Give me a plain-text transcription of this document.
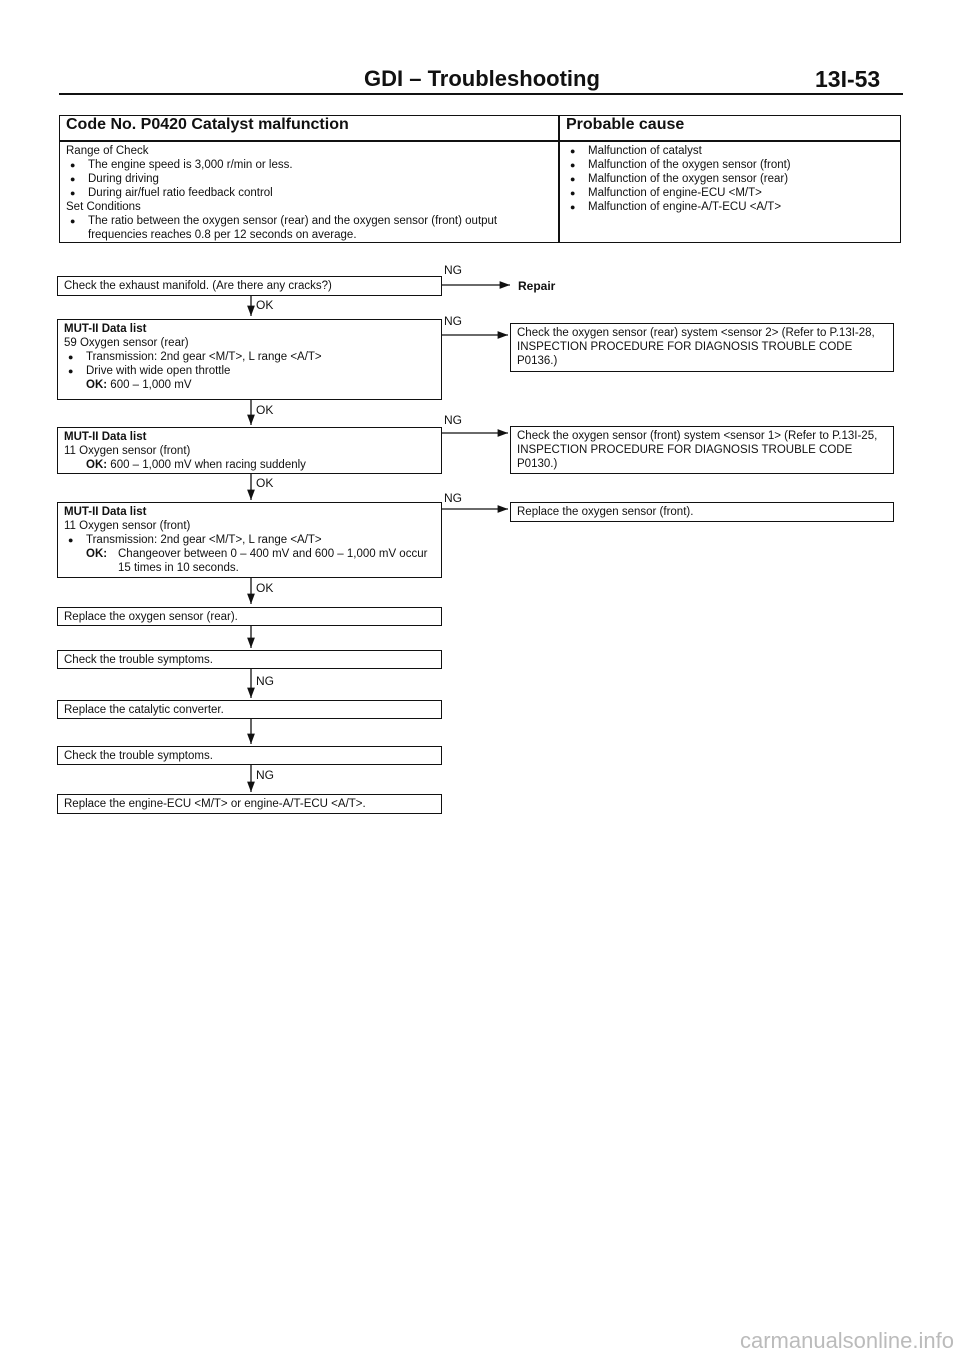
GDI – Troubleshooting	13I-53
Code No. P0420 Catalyst malfunction	Probable cause
Range of Check
● The engine speed is 3,000 r/min or less.
● During driving
● During air/fuel ratio feedback control
Set Conditions
● The ratio between the oxygen sensor (rear) and the oxygen sensor (front) output frequencies reaches 0.8 per 12 seconds on average.
● Malfunction of catalyst
● Malfunction of the oxygen sensor (front)
● Malfunction of the oxygen sensor (rear)
● Malfunction of engine-ECU <M/T>
● Malfunction of engine-A/T-ECU <A/T>
Check the exhaust manifold. (Are there any cracks?)
MUT-II Data list
59 Oxygen sensor (rear)
● Transmission: 2nd gear <M/T>, L range <A/T>
● Drive with wide open throttle
OK: 600 – 1,000 mV
MUT-II Data list
11 Oxygen sensor (front)
OK: 600 – 1,000 mV when racing suddenly
MUT-II Data list
11 Oxygen sensor (front)
● Transmission: 2nd gear <M/T>, L range <A/T>
OK: Changeover between 0 – 400 mV and 600 – 1,000 mV occur 15 times in 10 seconds.
Replace the oxygen sensor (rear).
Check the trouble symptoms.
Replace the catalytic converter.
Check the trouble symptoms.
Replace the engine-ECU <M/T> or engine-A/T-ECU <A/T>.
Repair
Check the oxygen sensor (rear) system <sensor 2> (Refer to P.13I-28, INSPECTION PROCEDURE FOR DIAGNOSIS TROUBLE CODE P0136.)
Check the oxygen sensor (front) system <sensor 1> (Refer to P.13I-25, INSPECTION PROCEDURE FOR DIAGNOSIS TROUBLE CODE P0130.)
Replace the oxygen sensor (front).
NG
OK
NG
OK
NG
OK
NG
OK
NG
NG
carmanualsonline.info
